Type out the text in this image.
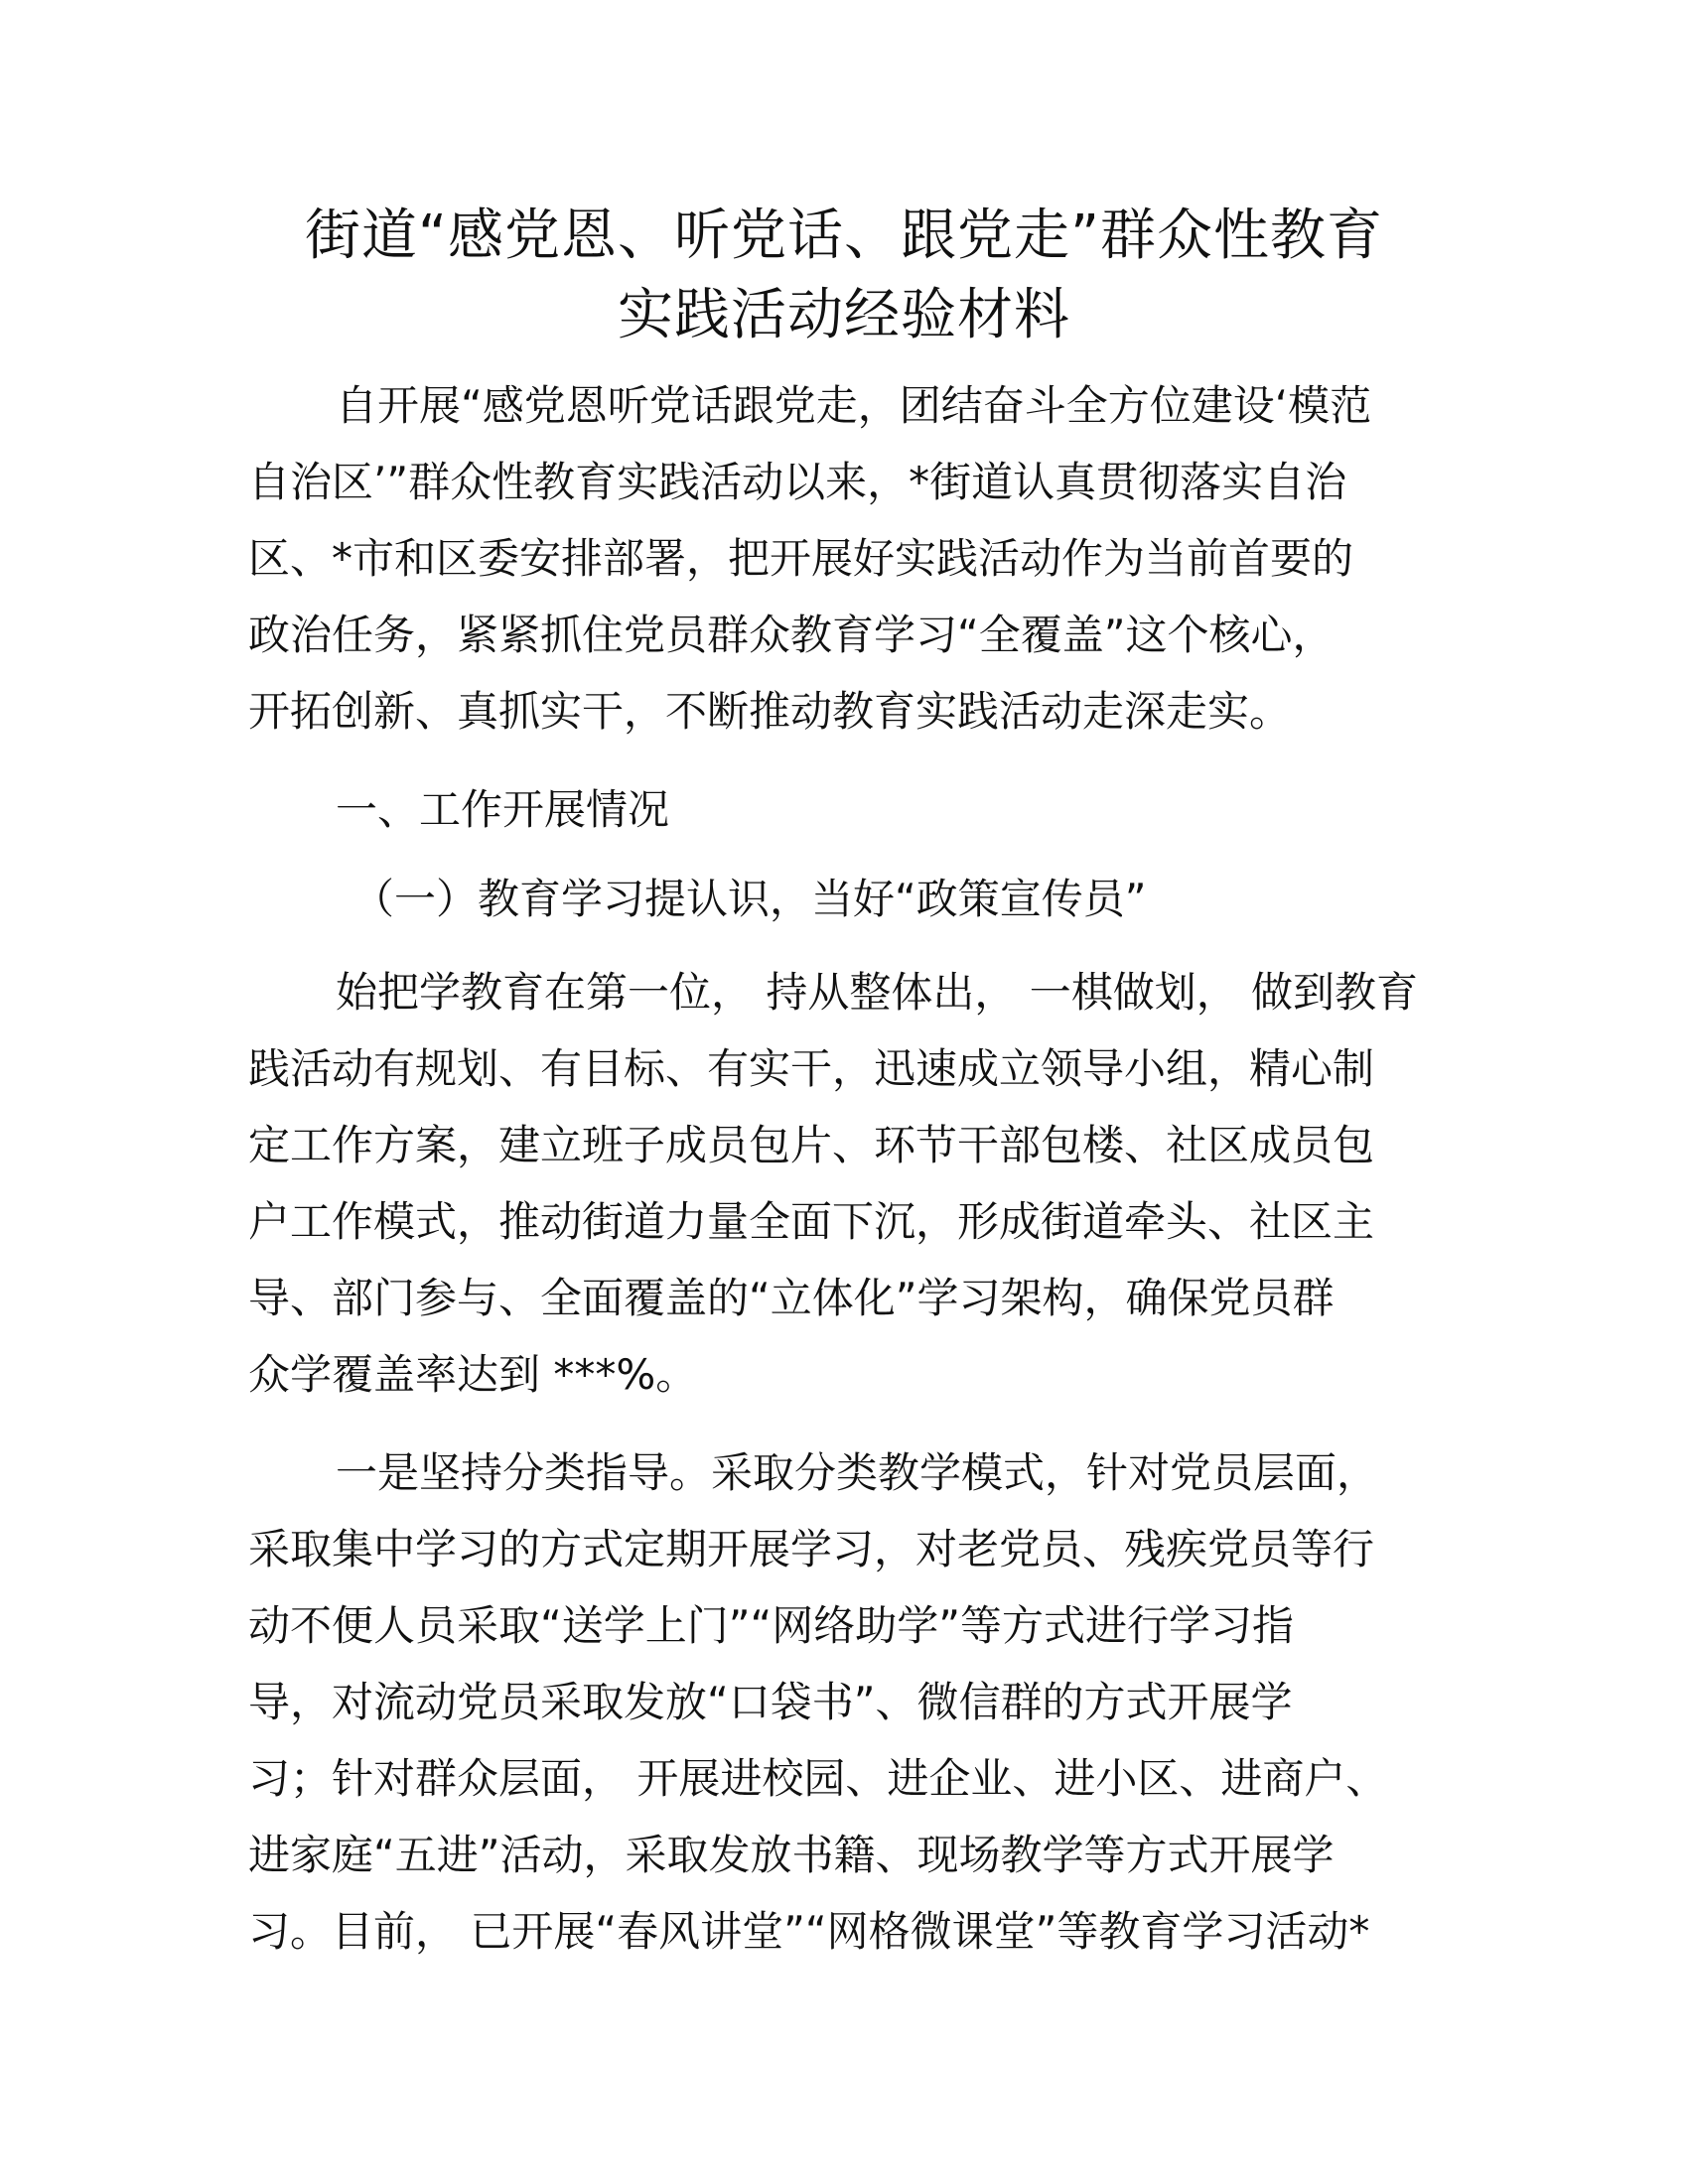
街道“感党恩、听党话、跟党走”群众性教育
实践活动经验材料

自开展“感党恩听党话跟党走，团结奋斗全方位建设‘模范

自治区’”群众性教育实践活动以来，*街道认真贯彻落实自治

区、*市和区委安排部署，把开展好实践活动作为当前首要的

政治任务，紧紧抓住党员群众教育学习“全覆盖”这个核心，

开拓创新、真抓实干，不断推动教育实践活动走深走实。

一、工作开展情况

（一）教育学习提认识，当好“政策宣传员”

始把学教育在第一位， 持从整体出， 一棋做划， 做到教育

践活动有规划、有目标、有实干，迅速成立领导小组，精心制

定工作方案，建立班子成员包片、环节干部包楼、社区成员包

户工作模式，推动街道力量全面下沉，形成街道牵头、社区主

导、部门参与、全面覆盖的“立体化”学习架构，确保党员群

众学覆盖率达到 ***%。

一是坚持分类指导。采取分类教学模式，针对党员层面，

采取集中学习的方式定期开展学习，对老党员、残疾党员等行

动不便人员采取“送学上门”“网络助学”等方式进行学习指

导，对流动党员采取发放“口袋书”、微信群的方式开展学

习；针对群众层面， 开展进校园、进企业、进小区、进商户、

进家庭“五进”活动，采取发放书籍、现场教学等方式开展学

习。目前， 已开展“春风讲堂”“网格微课堂”等教育学习活动*
